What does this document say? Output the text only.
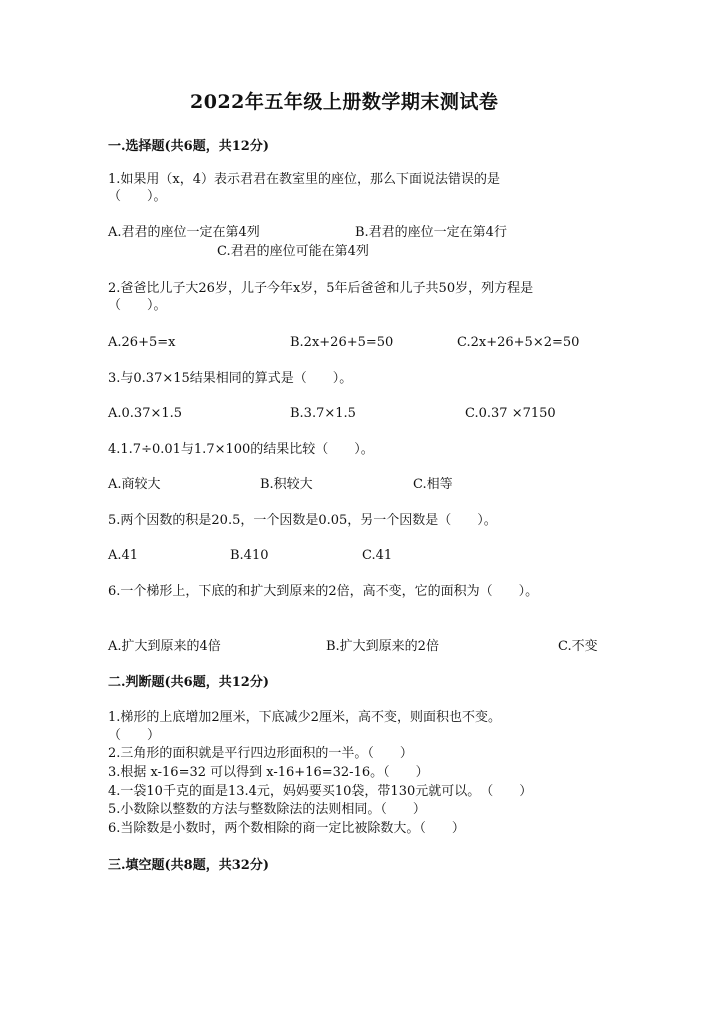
2022年五年级上册数学期末测试卷
一.选择题(共6题，共12分)
1.如果用（x，4）表示君君在教室里的座位，那么下面说法错误的是
（　　）。
A.君君的座位一定在第4列	B.君君的座位一定在第4行
C.君君的座位可能在第4列
2.爸爸比儿子大26岁，儿子今年x岁，5年后爸爸和儿子共50岁，列方程是
（　　）。
A.26+5=x	B.2x+26+5=50	C.2x+26+5×2=50
3.与0.37×15结果相同的算式是（　　）。
A.0.37×1.5	B.3.7×1.5	C.0.37 ×7150
4.1.7÷0.01与1.7×100的结果比较（　　）。
A.商较大	B.积较大	C.相等
5.两个因数的积是20.5，一个因数是0.05，另一个因数是（　　）。
A.41	B.410	C.41
6.一个梯形上，下底的和扩大到原来的2倍，高不变，它的面积为（　　）。
A.扩大到原来的4倍	B.扩大到原来的2倍	C.不变
二.判断题(共6题，共12分)
1.梯形的上底增加2厘米，下底减少2厘米，高不变，则面积也不变。
（　　）
2.三角形的面积就是平行四边形面积的一半。（　　）
3.根据 x-16=32 可以得到 x-16+16=32-16。（　　）
4.一袋10千克的面是13.4元，妈妈要买10袋，带130元就可以。　（　　）
5.小数除以整数的方法与整数除法的法则相同。（　　）
6.当除数是小数时，两个数相除的商一定比被除数大。（　　）
三.填空题(共8题，共32分)
